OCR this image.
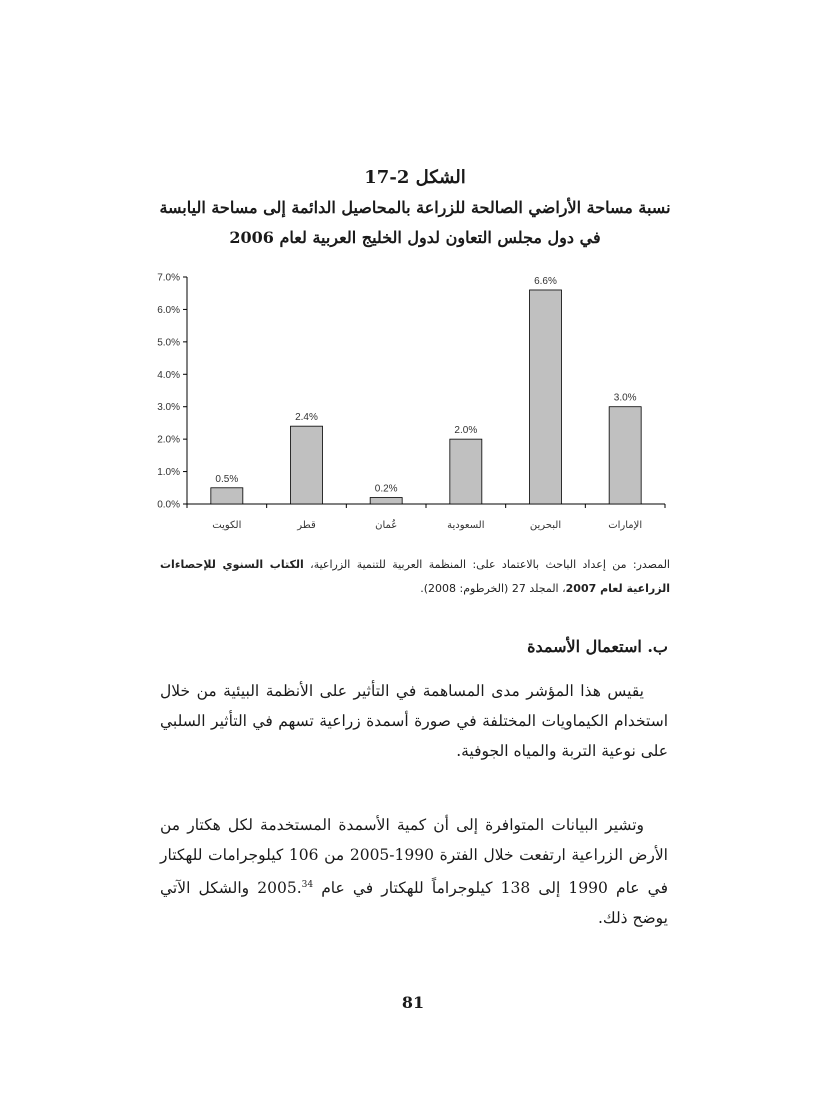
الشكل 2-17
نسبة مساحة الأراضي الصالحة للزراعة بالمحاصيل الدائمة إلى مساحة اليابسة
في دول مجلس التعاون لدول الخليج العربية لعام 2006
0.0%
1.0%
2.0%
3.0%
4.0%
5.0%
6.0%
7.0%
0.5%
الكويت
2.4%
قطر
0.2%
عُمان
2.0%
السعودية
6.6%
البحرين
3.0%
الإمارات
المصدر: من إعداد الباحث بالاعتماد على: المنظمة العربية للتنمية الزراعية، الكتاب السنوي للإحصاءات الزراعية لعام 2007، المجلد 27 (الخرطوم: 2008).
ب. استعمال الأسمدة

يقيس هذا المؤشر مدى المساهمة في التأثير على الأنظمة البيئية من خلال استخدام الكيماويات المختلفة في صورة أسمدة زراعية تسهم في التأثير السلبي على نوعية التربة والمياه الجوفية.

وتشير البيانات المتوافرة إلى أن كمية الأسمدة المستخدمة لكل هكتار من الأرض الزراعية ارتفعت خلال الفترة 1990-2005 من 106 كيلوجرامات للهكتار في عام 1990 إلى 138 كيلوجراماً للهكتار في عام 2005.34 والشكل الآتي يوضح ذلك.

81
